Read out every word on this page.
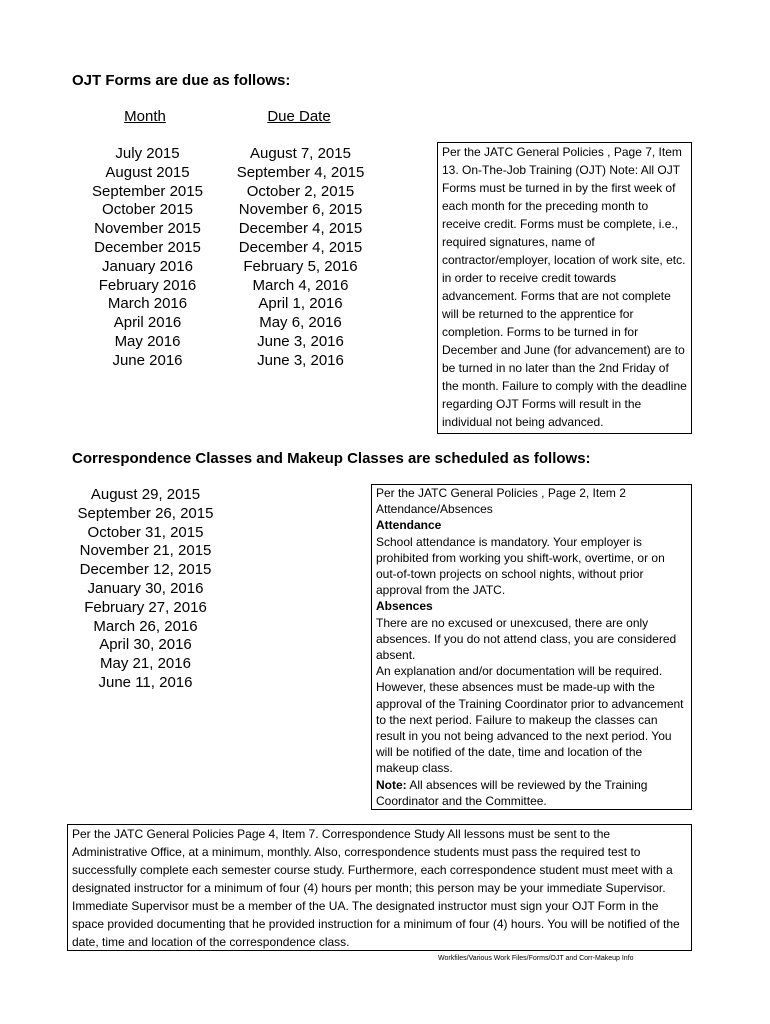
OJT Forms are due as follows:
Month	Due Date
July 2015
August 2015
September 2015
October 2015
November 2015
December 2015
January 2016
February 2016
March 2016
April 2016
May 2016
June 2016
August 7, 2015
September 4, 2015
October 2, 2015
November 6, 2015
December 4, 2015
December 4, 2015
February 5, 2016
March 4, 2016
April 1, 2016
May 6, 2016
June 3, 2016
June 3, 2016
Per the JATC General Policies , Page 7, Item 13. On-The-Job Training (OJT) Note: All OJT Forms must be turned in by the first week of each month for the preceding month to receive credit. Forms must be complete, i.e., required signatures, name of contractor/employer, location of work site, etc. in order to receive credit towards advancement. Forms that are not complete will be returned to the apprentice for completion. Forms to be turned in for December and June (for advancement) are to be turned in no later than the 2nd Friday of the month. Failure to comply with the deadline regarding OJT Forms will result in the individual not being advanced.
Correspondence Classes and Makeup Classes are scheduled as follows:
August 29, 2015
September 26, 2015
October 31, 2015
November 21, 2015
December 12, 2015
January 30, 2016
February 27, 2016
March 26, 2016
April 30, 2016
May 21, 2016
June 11, 2016
Per the JATC General Policies , Page 2, Item 2 Attendance/Absences
Attendance
School attendance is mandatory. Your employer is prohibited from working you shift-work, overtime, or on out-of-town projects on school nights, without prior approval from the JATC.
Absences
There are no excused or unexcused, there are only absences. If you do not attend class, you are considered absent.
An explanation and/or documentation will be required. However, these absences must be made-up with the approval of the Training Coordinator prior to advancement to the next period. Failure to makeup the classes can result in you not being advanced to the next period. You will be notified of the date, time and location of the makeup class.
Note: All absences will be reviewed by the Training Coordinator and the Committee.
Per the JATC General Policies Page 4, Item 7. Correspondence Study All lessons must be sent to the Administrative Office, at a minimum, monthly. Also, correspondence students must pass the required test to successfully complete each semester course study. Furthermore, each correspondence student must meet with a designated instructor for a minimum of four (4) hours per month; this person may be your immediate Supervisor. Immediate Supervisor must be a member of the UA. The designated instructor must sign your OJT Form in the space provided documenting that he provided instruction for a minimum of four (4) hours. You will be notified of the date, time and location of the correspondence class.
Workfiles/Various Work Files/Forms/OJT and Corr-Makeup Info
